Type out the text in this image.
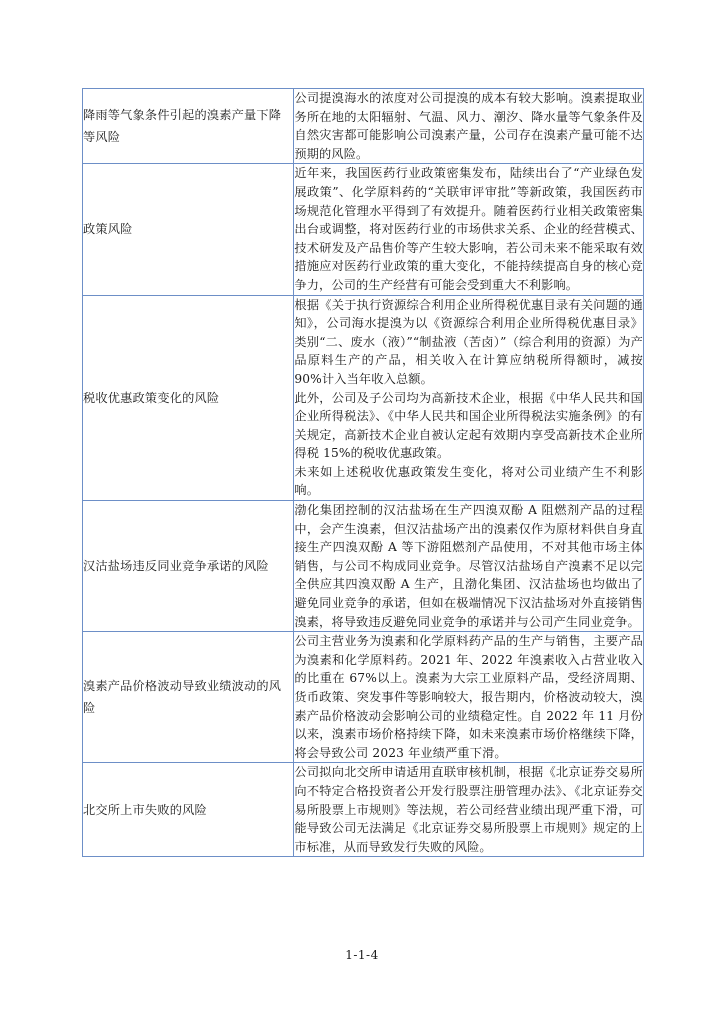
降雨等气象条件引起的溴素产量下降等风险	公司提溴海水的浓度对公司提溴的成本有较大影响。溴素提取业务所在地的太阳辐射、气温、风力、潮汐、降水量等气象条件及自然灾害都可能影响公司溴素产量，公司存在溴素产量可能不达预期的风险。

政策风险	近年来，我国医药行业政策密集发布，陆续出台了“产业绿色发展政策”、化学原料药的“关联审评审批”等新政策，我国医药市场规范化管理水平得到了有效提升。随着医药行业相关政策密集出台或调整，将对医药行业的市场供求关系、企业的经营模式、技术研发及产品售价等产生较大影响，若公司未来不能采取有效措施应对医药行业政策的重大变化，不能持续提高自身的核心竞争力，公司的生产经营有可能会受到重大不利影响。

税收优惠政策变化的风险	根据《关于执行资源综合利用企业所得税优惠目录有关问题的通知》，公司海水提溴为以《资源综合利用企业所得税优惠目录》类别“二、废水（液）”“制盐液（苦卤）”（综合利用的资源）为产品原料生产的产品，相关收入在计算应纳税所得额时，减按 90%计入当年收入总额。

此外，公司及子公司均为高新技术企业，根据《中华人民共和国企业所得税法》、《中华人民共和国企业所得税法实施条例》的有关规定，高新技术企业自被认定起有效期内享受高新技术企业所得税 15%的税收优惠政策。

未来如上述税收优惠政策发生变化，将对公司业绩产生不利影响。

汉沽盐场违反同业竞争承诺的风险	渤化集团控制的汉沽盐场在生产四溴双酚 A 阻燃剂产品的过程中，会产生溴素，但汉沽盐场产出的溴素仅作为原材料供自身直接生产四溴双酚 A 等下游阻燃剂产品使用，不对其他市场主体销售，与公司不构成同业竞争。尽管汉沽盐场自产溴素不足以完全供应其四溴双酚 A 生产，且渤化集团、汉沽盐场也均做出了避免同业竞争的承诺，但如在极端情况下汉沽盐场对外直接销售溴素，将导致违反避免同业竞争的承诺并与公司产生同业竞争。

溴素产品价格波动导致业绩波动的风险	公司主营业务为溴素和化学原料药产品的生产与销售，主要产品为溴素和化学原料药。2021 年、2022 年溴素收入占营业收入的比重在 67%以上。溴素为大宗工业原料产品，受经济周期、货币政策、突发事件等影响较大，报告期内，价格波动较大，溴素产品价格波动会影响公司的业绩稳定性。自 2022 年 11 月份以来，溴素市场价格持续下降，如未来溴素市场价格继续下降，将会导致公司 2023 年业绩严重下滑。

北交所上市失败的风险	公司拟向北交所申请适用直联审核机制，根据《北京证券交易所向不特定合格投资者公开发行股票注册管理办法》、《北京证券交易所股票上市规则》等法规，若公司经营业绩出现严重下滑，可能导致公司无法满足《北京证券交易所股票上市规则》规定的上市标准，从而导致发行失败的风险。

1-1-4
